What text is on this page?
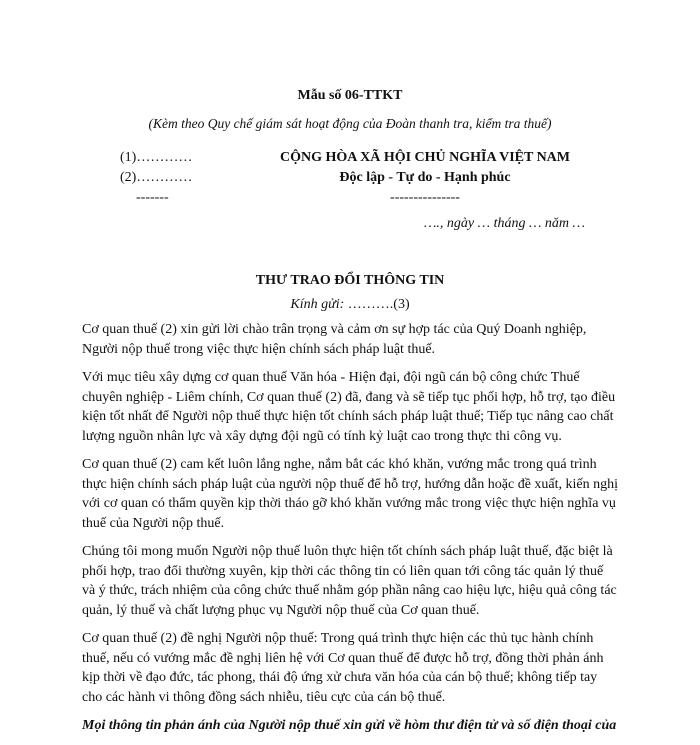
Mẫu số 06-TTKT
(Kèm theo Quy chế giám sát hoạt động của Đoàn thanh tra, kiểm tra thuế)
(1)…………
(2)…………
-------
CỘNG HÒA XÃ HỘI CHỦ NGHĨA VIỆT NAM
Độc lập - Tự do - Hạnh phúc
---------------
…., ngày … tháng … năm …
THƯ TRAO ĐỔI THÔNG TIN
Kính gửi: ……….(3)

Cơ quan thuế (2) xin gửi lời chào trân trọng và cảm ơn sự hợp tác của Quý Doanh nghiệp, Người nộp thuế trong việc thực hiện chính sách pháp luật thuế.

Với mục tiêu xây dựng cơ quan thuế Văn hóa - Hiện đại, đội ngũ cán bộ công chức Thuế chuyên nghiệp - Liêm chính, Cơ quan thuế (2) đã, đang và sẽ tiếp tục phối hợp, hỗ trợ, tạo điều kiện tốt nhất để Người nộp thuế thực hiện tốt chính sách pháp luật thuế; Tiếp tục nâng cao chất lượng nguồn nhân lực và xây dựng đội ngũ có tính kỷ luật cao trong thực thi công vụ.

Cơ quan thuế (2) cam kết luôn lắng nghe, nắm bắt các khó khăn, vướng mắc trong quá trình thực hiện chính sách pháp luật của người nộp thuế để hỗ trợ, hướng dẫn hoặc đề xuất, kiến nghị với cơ quan có thẩm quyền kịp thời tháo gỡ khó khăn vướng mắc trong việc thực hiện nghĩa vụ thuế của Người nộp thuế.

Chúng tôi mong muốn Người nộp thuế luôn thực hiện tốt chính sách pháp luật thuế, đặc biệt là phối hợp, trao đổi thường xuyên, kịp thời các thông tin có liên quan tới công tác quản lý thuế và ý thức, trách nhiệm của công chức thuế nhằm góp phần nâng cao hiệu lực, hiệu quả công tác quản, lý thuế và chất lượng phục vụ Người nộp thuế của Cơ quan thuế.

Cơ quan thuế (2) đề nghị Người nộp thuế: Trong quá trình thực hiện các thủ tục hành chính thuế, nếu có vướng mắc đề nghị liên hệ với Cơ quan thuế để được hỗ trợ, đồng thời phản ánh kịp thời về đạo đức, tác phong, thái độ ứng xử chưa văn hóa của cán bộ thuế; không tiếp tay cho các hành vi thông đồng sách nhiễu, tiêu cực của cán bộ thuế.

Mọi thông tin phản ánh của Người nộp thuế xin gửi về hòm thư điện tử và số điện thoại của
